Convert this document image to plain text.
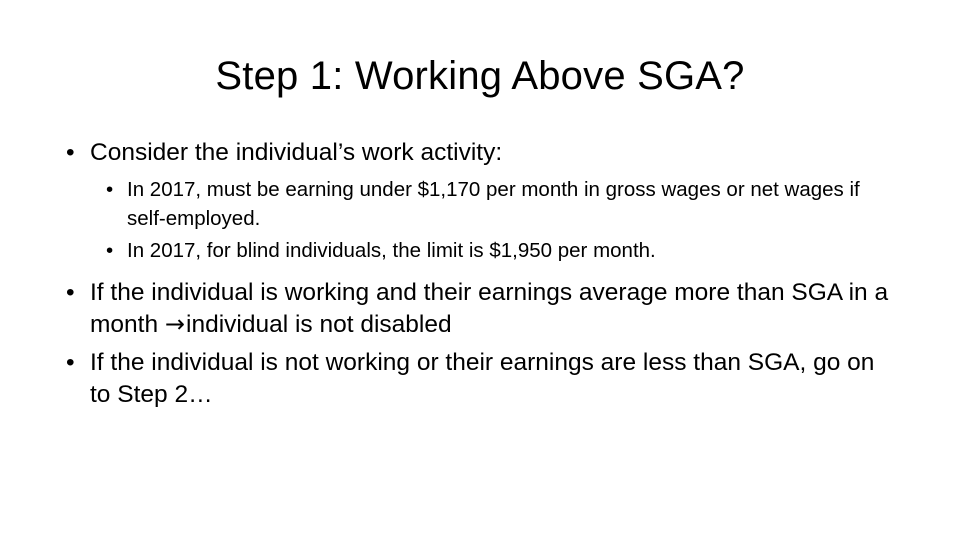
Step 1: Working Above SGA?
• Consider the individual’s work activity:
• In 2017, must be earning under $1,170 per month in gross wages or net wages if self-employed.
• In 2017, for blind individuals, the limit is $1,950 per month.
• If the individual is working and their earnings average more than SGA in a month →individual is not disabled
• If the individual is not working or their earnings are less than SGA, go on to Step 2…
